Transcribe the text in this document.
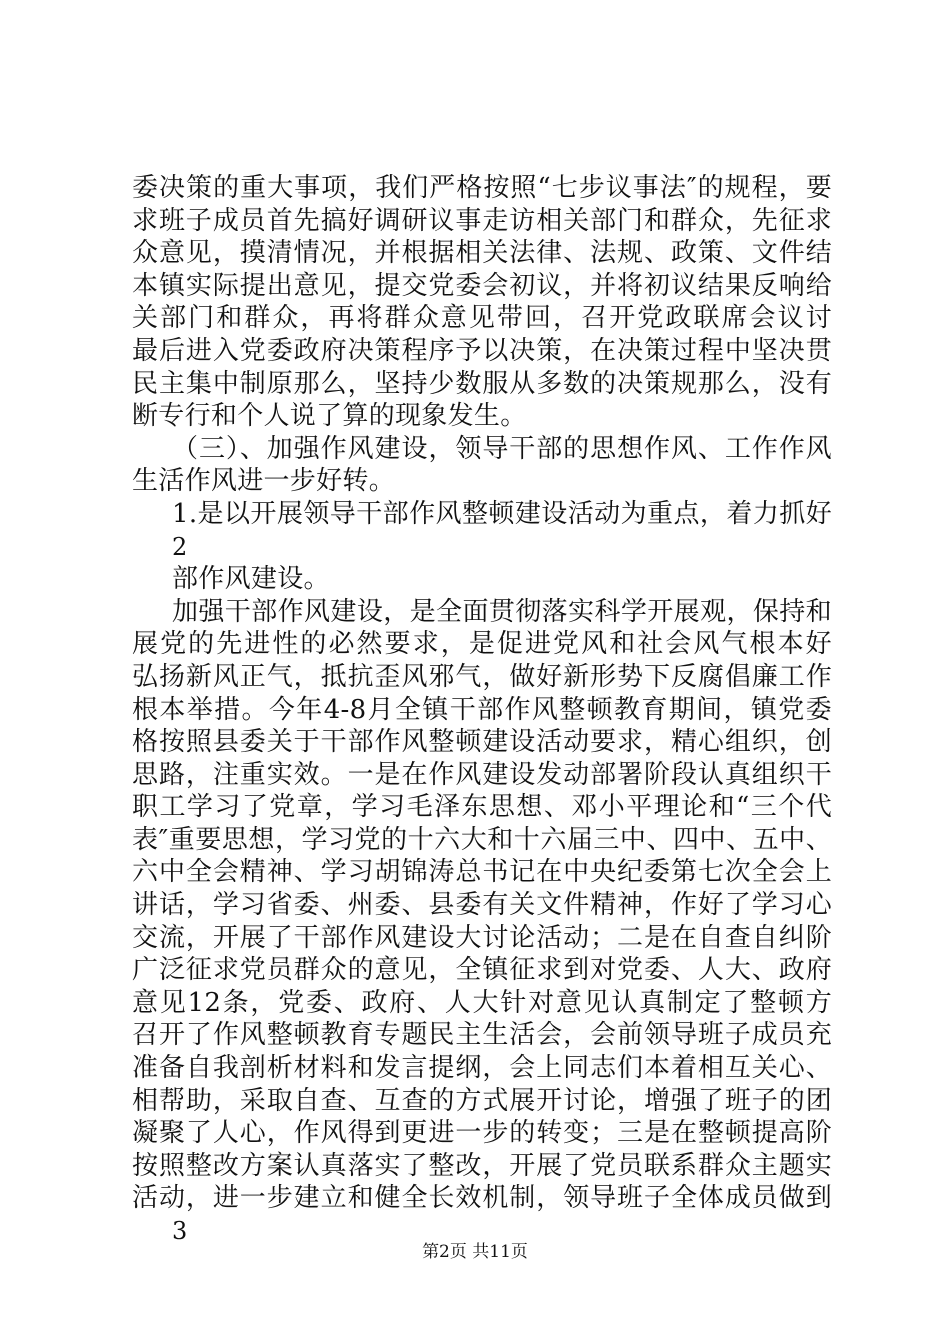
委决策的重大事项，我们严格按照“七步议事法″的规程，要
求班子成员首先搞好调研议事走访相关部门和群众，先征求
众意见，摸清情况，并根据相关法律、法规、政策、文件结
本镇实际提出意见，提交党委会初议，并将初议结果反响给
关部门和群众，再将群众意见带回，召开党政联席会议讨
最后进入党委政府决策程序予以决策，在决策过程中坚决贯
民主集中制原那么，坚持少数服从多数的决策规那么，没有
断专行和个人说了算的现象发生。
（三）、加强作风建设，领导干部的思想作风、工作作风
生活作风进一步好转。
1.是以开展领导干部作风整顿建设活动为重点，着力抓好
2
部作风建设。
加强干部作风建设，是全面贯彻落实科学开展观，保持和
展党的先进性的必然要求，是促进党风和社会风气根本好
弘扬新风正气，抵抗歪风邪气，做好新形势下反腐倡廉工作
根本举措。今年4-8月全镇干部作风整顿教育期间，镇党委
格按照县委关于干部作风整顿建设活动要求，精心组织，创
思路，注重实效。一是在作风建设发动部署阶段认真组织干
职工学习了党章，学习毛泽东思想、邓小平理论和“三个代
表″重要思想，学习党的十六大和十六届三中、四中、五中、
六中全会精神、学习胡锦涛总书记在中央纪委第七次全会上
讲话，学习省委、州委、县委有关文件精神，作好了学习心
交流，开展了干部作风建设大讨论活动；二是在自查自纠阶
广泛征求党员群众的意见，全镇征求到对党委、人大、政府
意见12条，党委、政府、人大针对意见认真制定了整顿方
召开了作风整顿教育专题民主生活会，会前领导班子成员充
准备自我剖析材料和发言提纲，会上同志们本着相互关心、
相帮助，采取自查、互查的方式展开讨论，增强了班子的团
凝聚了人心，作风得到更进一步的转变；三是在整顿提高阶
按照整改方案认真落实了整改，开展了党员联系群众主题实
活动，进一步建立和健全长效机制，领导班子全体成员做到
3
第2页 共11页
